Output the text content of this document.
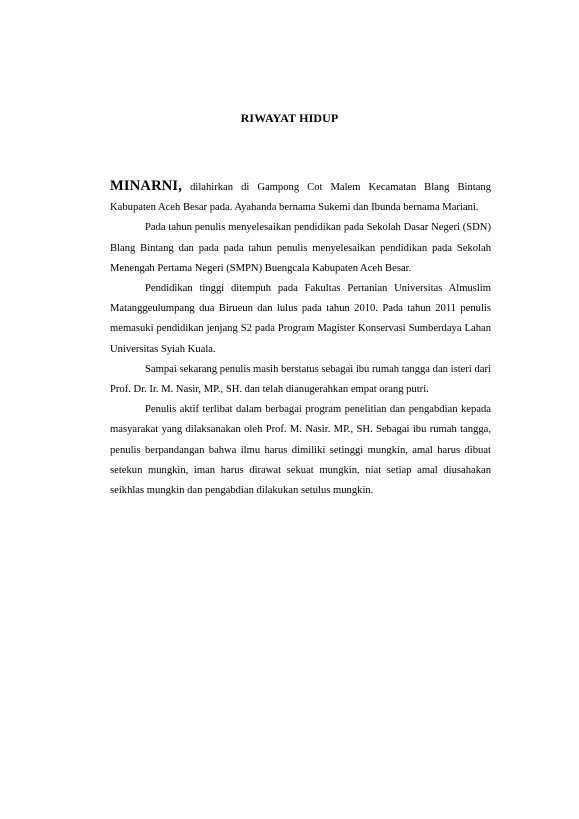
RIWAYAT HIDUP

MINARNI, dilahirkan di Gampong Cot Malem Kecamatan Blang Bintang Kabupaten Aceh Besar pada. Ayahanda bernama Sukemi dan Ibunda bernama Mariani.

Pada tahun penulis menyelesaikan pendidikan pada Sekolah Dasar Negeri (SDN) Blang Bintang dan pada pada tahun penulis menyelesaikan pendidikan pada Sekolah Menengah Pertama Negeri (SMPN) Buengcala Kabupaten Aceh Besar.

Pendidikan tinggi ditempuh pada Fakultas Pertanian Universitas Almuslim Matanggeulumpang dua Birueun dan lulus pada tahun 2010. Pada tahun 2011 penulis memasuki pendidikan jenjang S2 pada Program Magister Konservasi Sumberdaya Lahan Universitas Syiah Kuala.

Sampai sekarang penulis masih berstatus sebagai ibu rumah tangga dan isteri dari Prof. Dr. Ir. M. Nasir, MP., SH. dan telah dianugerahkan empat orang putri.

Penulis aktif terlibat dalam berbagai program penelitian dan pengabdian kepada masyarakat yang dilaksanakan oleh Prof. M. Nasir. MP., SH. Sebagai ibu rumah tangga, penulis berpandangan bahwa ilmu harus dimiliki setinggi mungkin, amal harus dibuat setekun mungkin, iman harus dirawat sekuat mungkin, niat setiap amal diusahakan seikhlas mungkin dan pengabdian dilakukan setulus mungkin.
